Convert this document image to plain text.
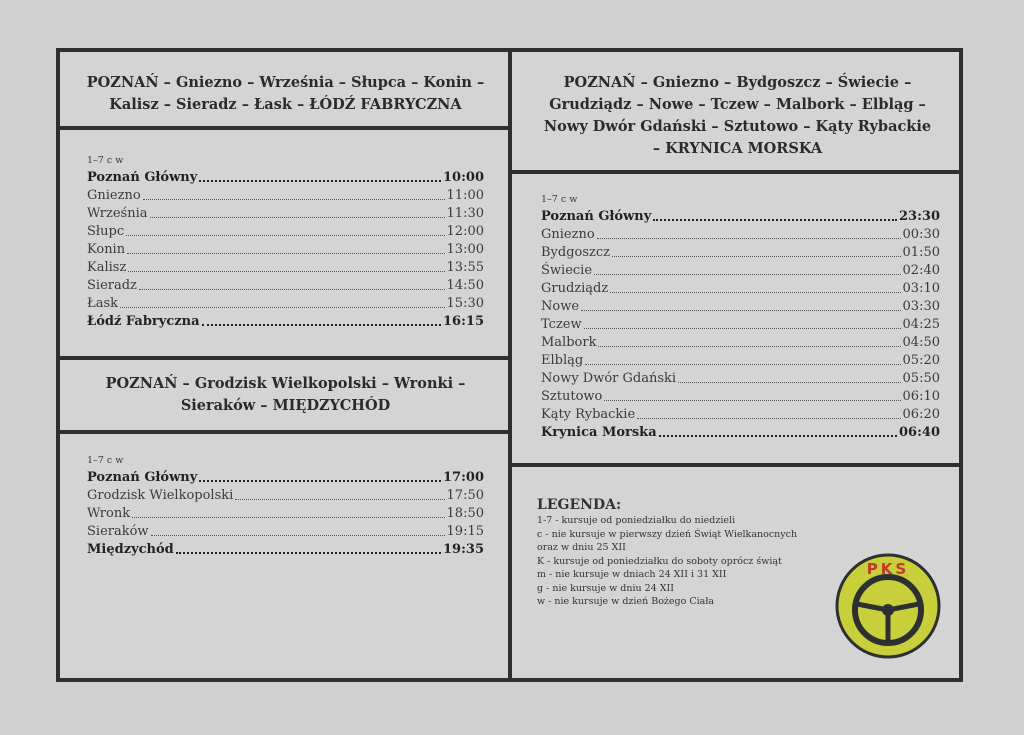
POZNAŃ – Gniezno – Września – Słupca – Konin – Kalisz – Sieradz – Łask – ŁÓDŹ FABRYCZNA
POZNAŃ – Grodzisk Wielkopolski – Wronki – Sieraków – MIĘDZYCHÓD
POZNAŃ – Gniezno – Bydgoszcz – Świecie – Grudziądz – Nowe – Tczew – Malbork – Elbląg – Nowy Dwór Gdański – Sztutowo – Kąty Rybackie – KRYNICA MORSKA
1–7 c w
Poznań Główny	10:00
Gniezno	11:00
Września	11:30
Słupc	12:00
Konin	13:00
Kalisz	13:55
Sieradz	14:50
Łask	15:30
Łódź Fabryczna	16:15
1–7 c w
Poznań Główny	17:00
Grodzisk Wielkopolski	17:50
Wronk	18:50
Sieraków	19:15
Międzychód	19:35
1–7 c w
Poznań Główny	23:30
Gniezno	00:30
Bydgoszcz	01:50
Świecie	02:40
Grudziądz	03:10
Nowe	03:30
Tczew	04:25
Malbork	04:50
Elbląg	05:20
Nowy Dwór Gdański	05:50
Sztutowo	06:10
Kąty Rybackie	06:20
Krynica Morska	06:40
LEGENDA:
1-7 - kursuje od poniedziałku do niedzieli
c - nie kursuje w pierwszy dzień Świąt Wielkanocnych
oraz w dniu 25 XII
K - kursuje od poniedziałku do soboty oprócz świąt
m - nie kursuje w dniach 24 XII i 31 XII
g - nie kursuje w dniu 24 XII
w - nie kursuje w dzień Bożego Ciała
PKS
